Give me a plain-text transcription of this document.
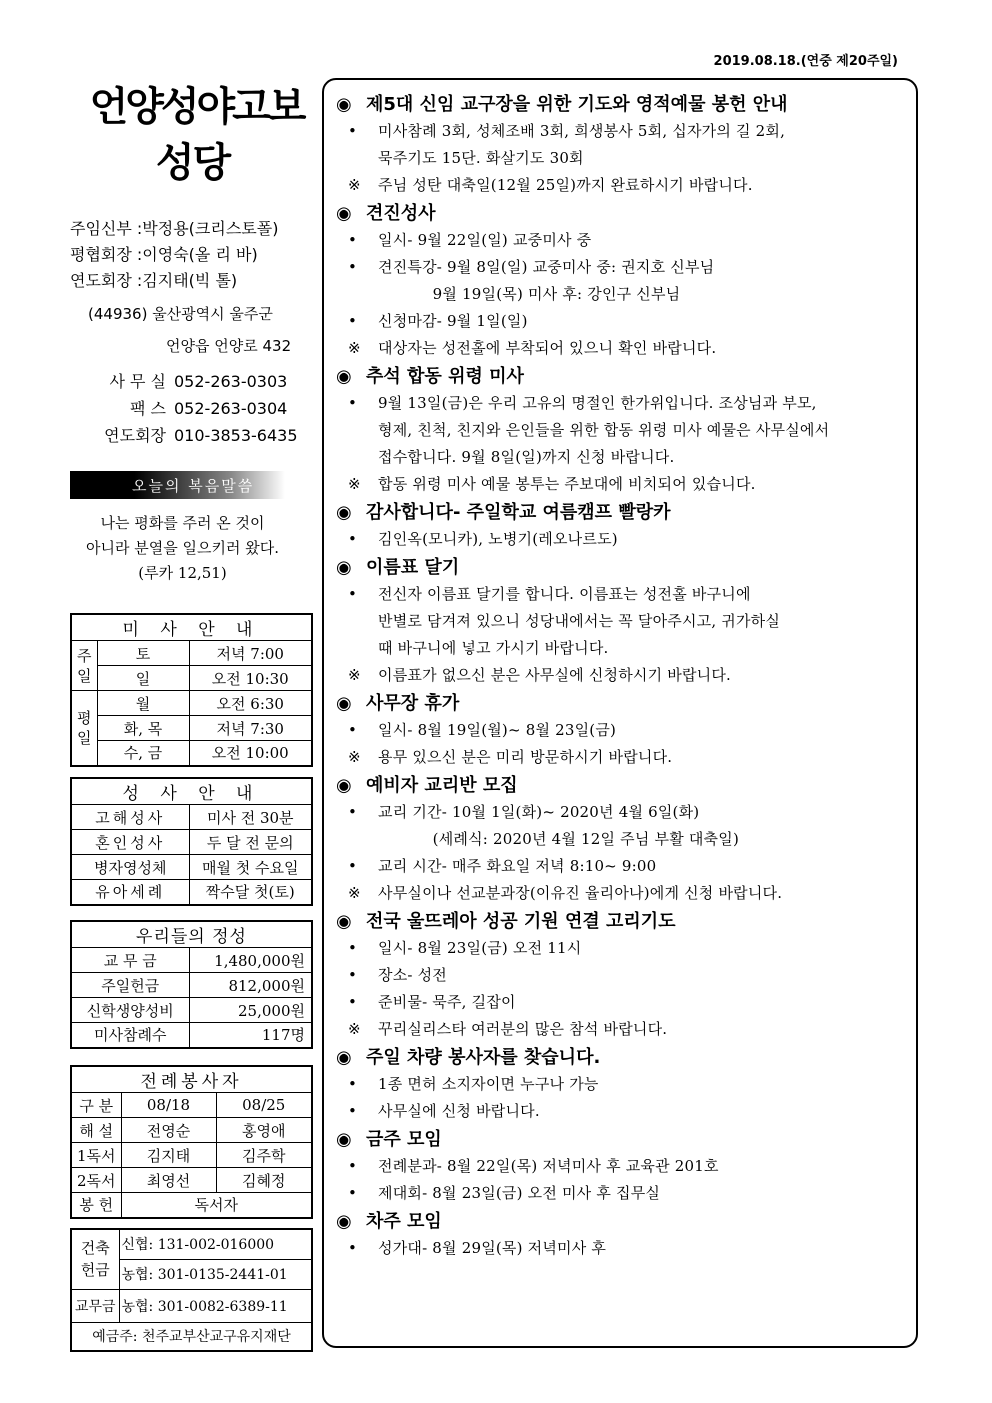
2019.08.18.(연중 제20주일)
언양성야고보
성당
주임신부 :박정용(크리스토폴)
평협회장 :이영숙(올 리 바)
연도회장 :김지태(빅 톨)
(44936) 울산광역시 울주군
언양읍 언양로 432
사 무 실 052-263-0303
팩 스 052-263-0304
연도회장 010-3853-6435
오늘의 복음말씀
나는 평화를 주러 온 것이
아니라 분열을 일으키러 왔다.
(루카 12,51)
미 사 안 내		
주일	토	저녁 7:00
	일	오전 10:30
평일	월	오전 6:30
	화, 목	저녁 7:30
	수, 금	오전 10:00
성 사 안 내	
고해성사	미사 전 30분
혼인성사	두 달 전 문의
병자영성체	매월 첫 수요일
유아세례	짝수달 첫(토)
우리들의 정성	
교 무 금	1,480,000원
주일헌금	812,000원
신학생양성비	25,000원
미사참례수	117명
전례봉사자		
구 분	08/18	08/25
해 설	전영순	홍영애
1독서	김지태	김주학
2독서	최영선	김혜정
봉 헌	독서자	
건축헌금	신협: 131-002-016000
	농협: 301-0135-2441-01
교무금	농협: 301-0082-6389-11
예금주: 천주교부산교구유지재단	
◉ 제5대 신임 교구장을 위한 기도와 영적예물 봉헌 안내
• 미사참례 3회, 성체조배 3회, 희생봉사 5회, 십자가의 길 2회,
묵주기도 15단. 화살기도 30회
※ 주님 성탄 대축일(12월 25일)까지 완료하시기 바랍니다.
◉ 견진성사
• 일시- 9월 22일(일) 교중미사 중
• 견진특강- 9월 8일(일) 교중미사 중: 권지호 신부님
9월 19일(목) 미사 후: 강인구 신부님
• 신청마감- 9월 1일(일)
※ 대상자는 성전홀에 부착되어 있으니 확인 바랍니다.
◉ 추석 합동 위령 미사
• 9월 13일(금)은 우리 고유의 명절인 한가위입니다. 조상님과 부모,
형제, 친척, 친지와 은인들을 위한 합동 위령 미사 예물은 사무실에서
접수합니다. 9월 8일(일)까지 신청 바랍니다.
※ 합동 위령 미사 예물 봉투는 주보대에 비치되어 있습니다.
◉ 감사합니다- 주일학교 여름캠프 빨랑카
• 김인옥(모니카), 노병기(레오나르도)
◉ 이름표 달기
• 전신자 이름표 달기를 합니다. 이름표는 성전홀 바구니에
반별로 담겨져 있으니 성당내에서는 꼭 달아주시고, 귀가하실
때 바구니에 넣고 가시기 바랍니다.
※ 이름표가 없으신 분은 사무실에 신청하시기 바랍니다.
◉ 사무장 휴가
• 일시- 8월 19일(월)~ 8월 23일(금)
※ 용무 있으신 분은 미리 방문하시기 바랍니다.
◉ 예비자 교리반 모집
• 교리 기간- 10월 1일(화)~ 2020년 4월 6일(화)
(세례식: 2020년 4월 12일 주님 부활 대축일)
• 교리 시간- 매주 화요일 저녁 8:10~ 9:00
※ 사무실이나 선교분과장(이유진 율리아나)에게 신청 바랍니다.
◉ 전국 울뜨레아 성공 기원 연결 고리기도
• 일시- 8월 23일(금) 오전 11시
• 장소- 성전
• 준비물- 묵주, 길잡이
※ 꾸리실리스타 여러분의 많은 참석 바랍니다.
◉ 주일 차량 봉사자를 찾습니다.
• 1종 면허 소지자이면 누구나 가능
• 사무실에 신청 바랍니다.
◉ 금주 모임
• 전례분과- 8월 22일(목) 저녁미사 후 교육관 201호
• 제대회- 8월 23일(금) 오전 미사 후 집무실
◉ 차주 모임
• 성가대- 8월 29일(목) 저녁미사 후
